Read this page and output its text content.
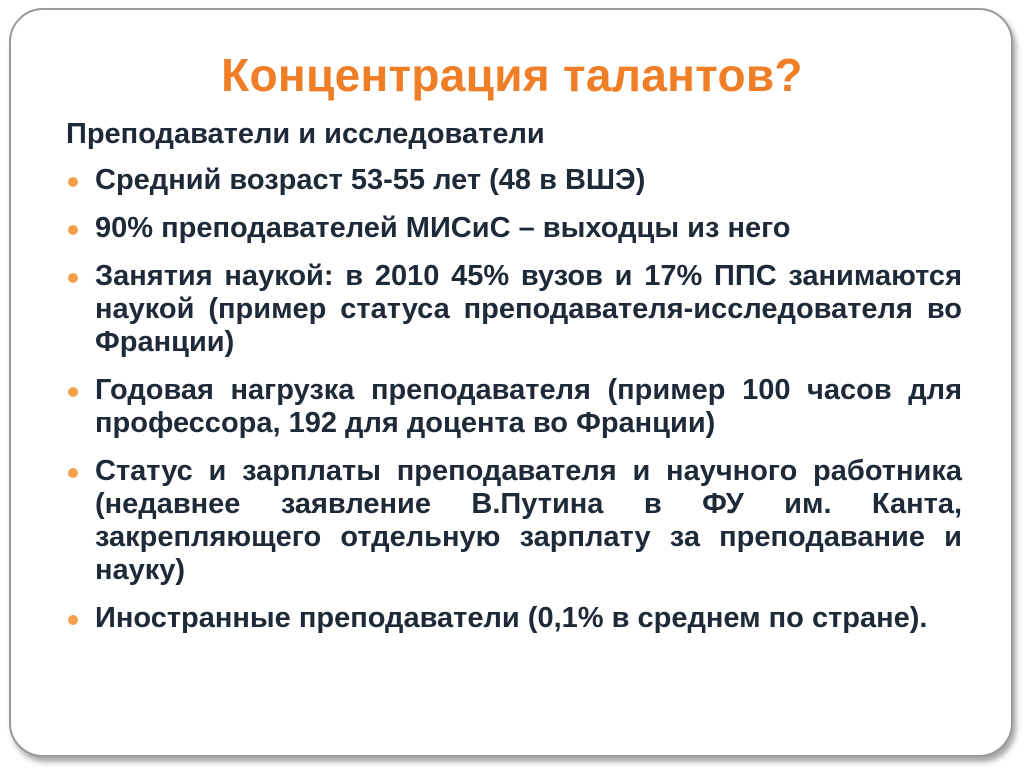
Концентрация талантов?
Преподаватели и исследователи
Средний возраст 53-55 лет (48 в ВШЭ)
90% преподавателей МИСиС – выходцы из него
Занятия наукой: в 2010 45% вузов и 17% ППС занимаются наукой (пример статуса преподавателя-исследователя во Франции)
Годовая нагрузка преподавателя (пример 100 часов для профессора, 192 для доцента во Франции)
Статус и зарплаты преподавателя и научного работника (недавнее заявление В.Путина в ФУ им. Канта, закрепляющего отдельную зарплату за преподавание и науку)
Иностранные преподаватели (0,1% в среднем по стране).
